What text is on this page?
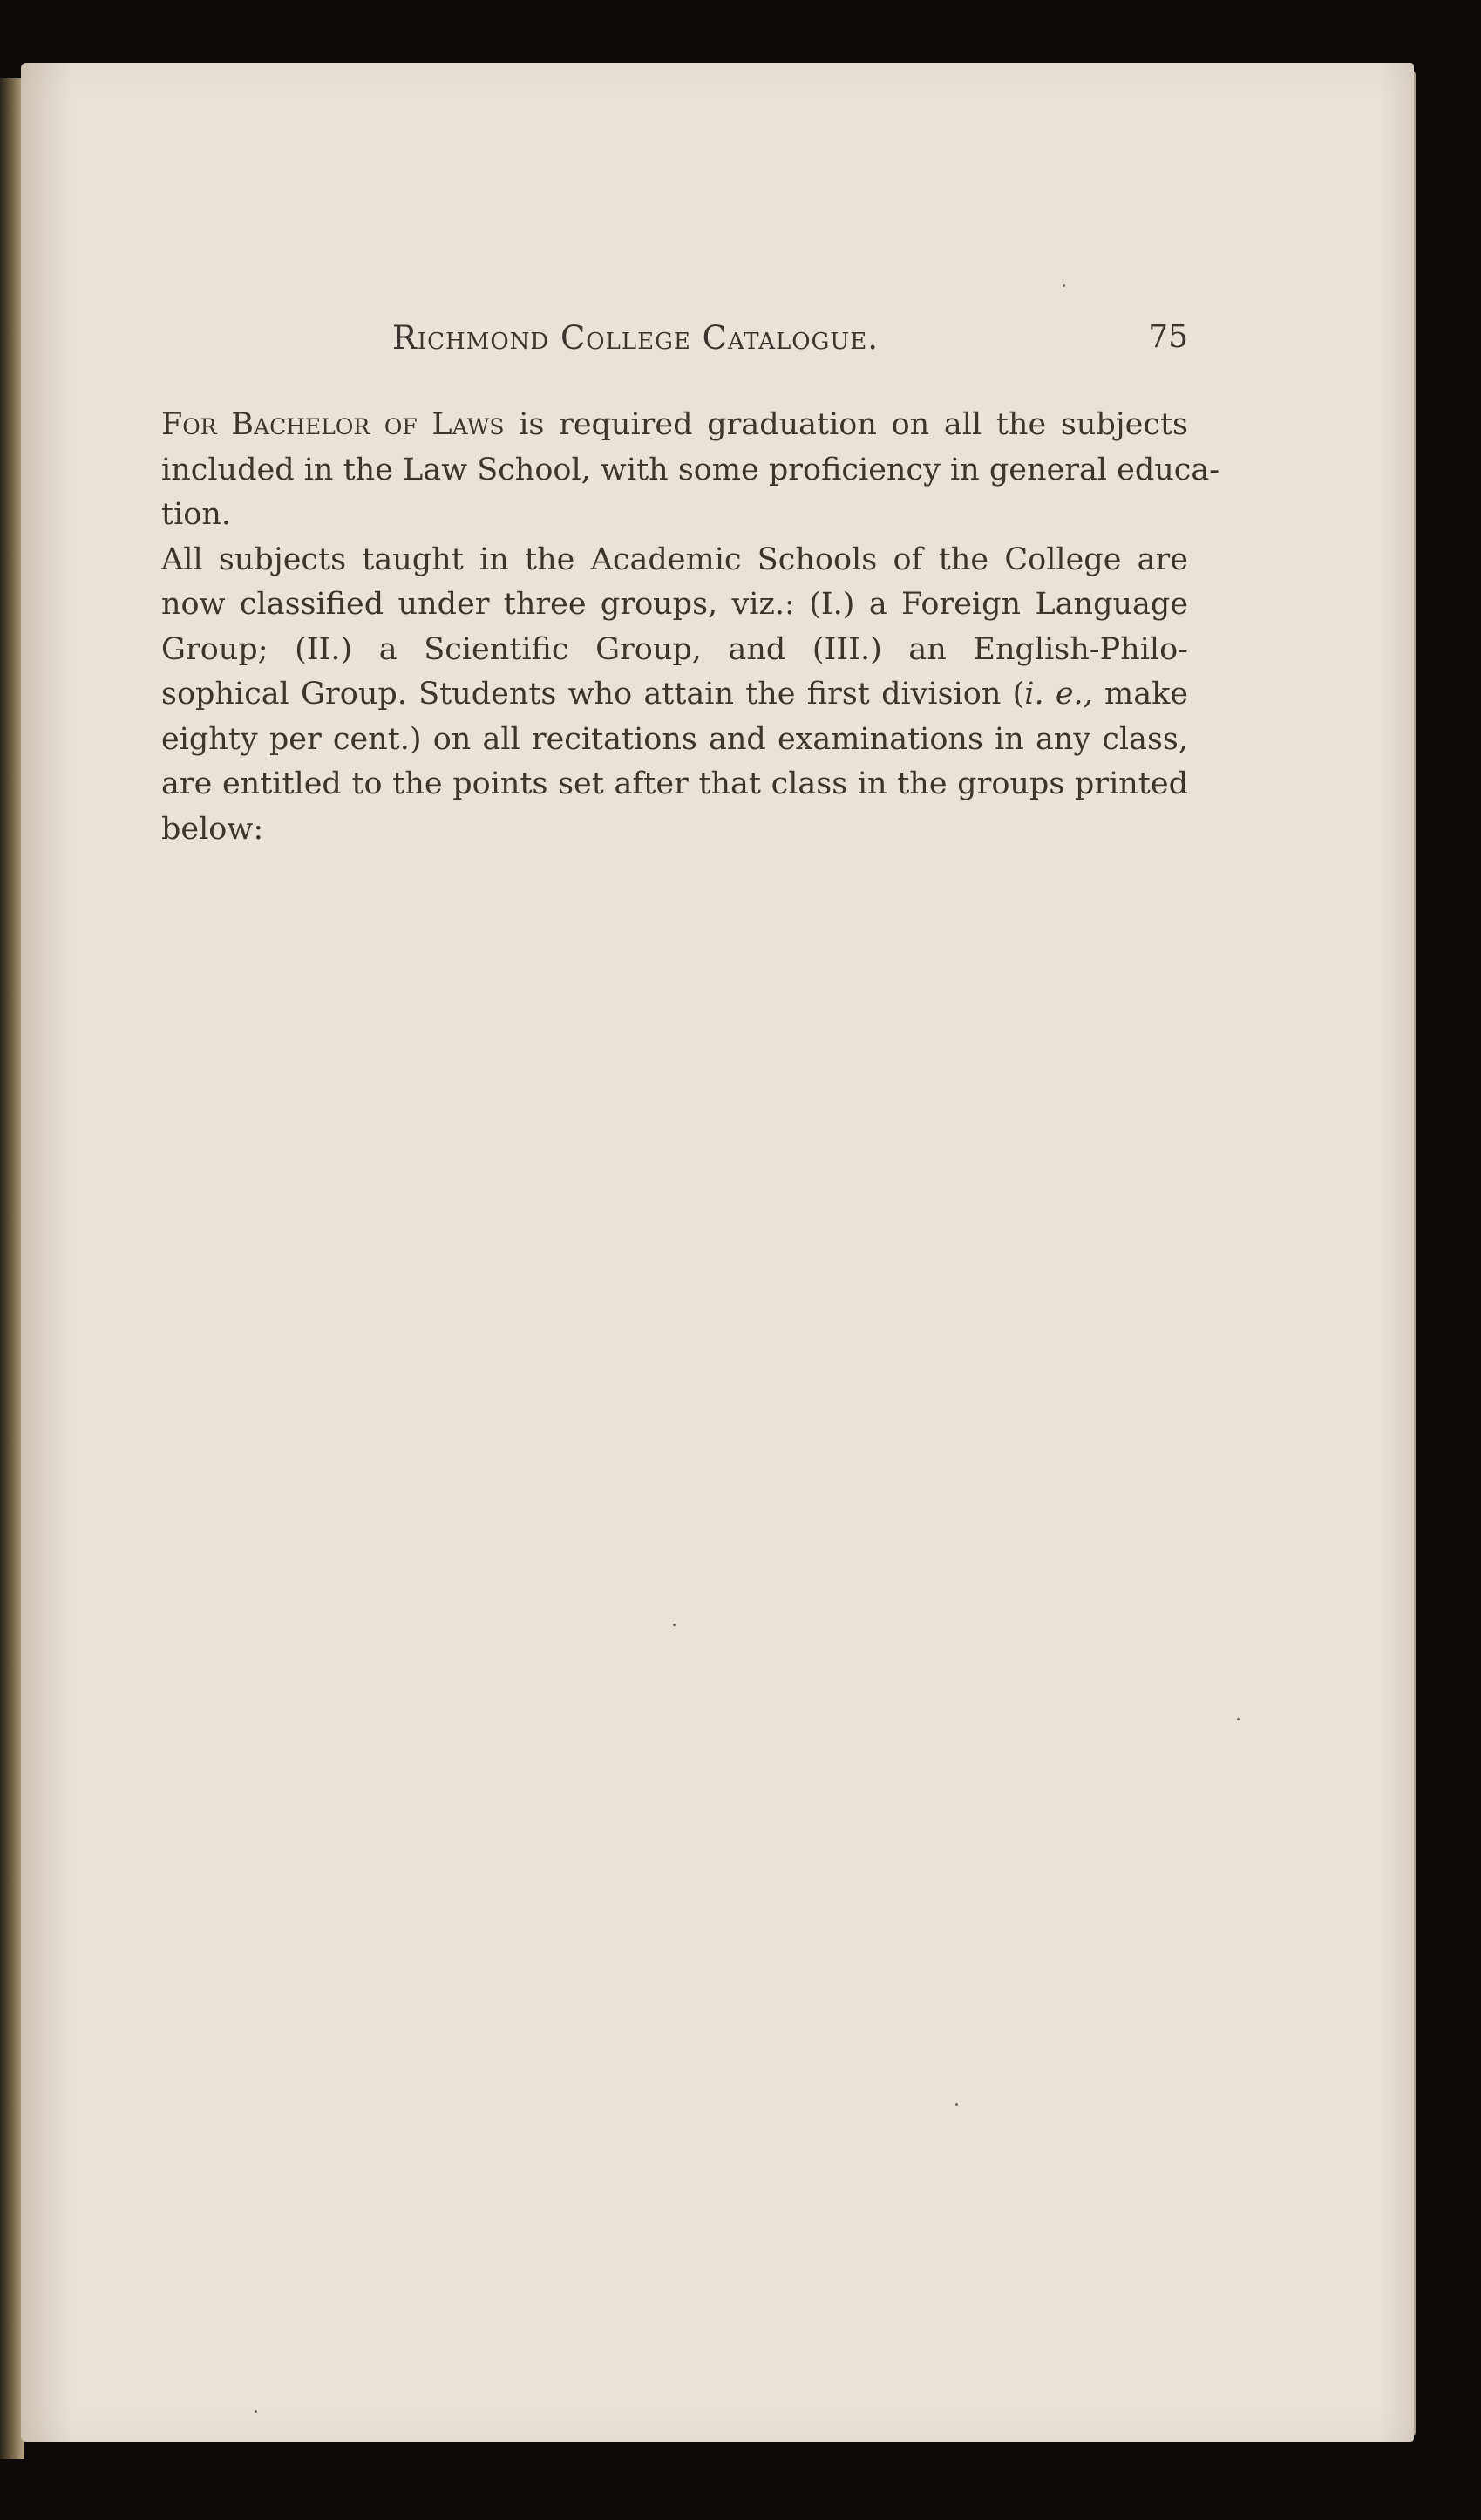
Richmond College Catalogue.	75

For Bachelor of Laws is required graduation on all the subjects
included in the Law School, with some proficiency in general educa-
tion.

All subjects taught in the Academic Schools of the College are
now classified under three groups, viz.: (I.) a Foreign Language
Group; (II.) a Scientific Group, and (III.) an English-Philo-
sophical Group. Students who attain the first division (i. e., make
eighty per cent.) on all recitations and examinations in any class,
are entitled to the points set after that class in the groups printed
below:
